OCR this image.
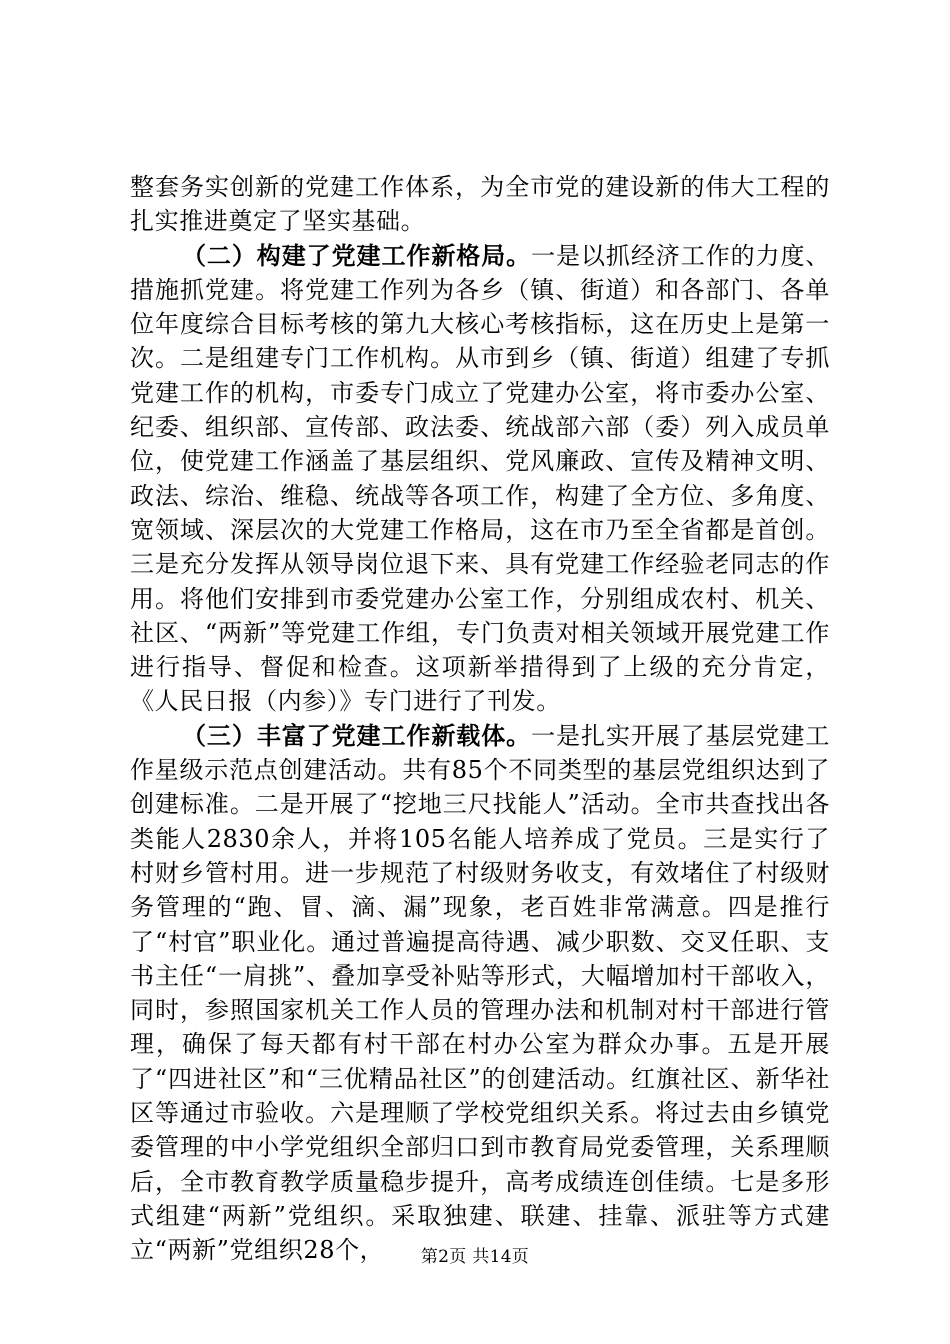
整套务实创新的党建工作体系，为全市党的建设新的伟大工程的扎实推进奠定了坚实基础。

（二）构建了党建工作新格局。一是以抓经济工作的力度、措施抓党建。将党建工作列为各乡（镇、街道）和各部门、各单位年度综合目标考核的第九大核心考核指标，这在历史上是第一次。二是组建专门工作机构。从市到乡（镇、街道）组建了专抓党建工作的机构，市委专门成立了党建办公室，将市委办公室、纪委、组织部、宣传部、政法委、统战部六部（委）列入成员单位，使党建工作涵盖了基层组织、党风廉政、宣传及精神文明、政法、综治、维稳、统战等各项工作，构建了全方位、多角度、宽领域、深层次的大党建工作格局，这在市乃至全省都是首创。三是充分发挥从领导岗位退下来、具有党建工作经验老同志的作用。将他们安排到市委党建办公室工作，分别组成农村、机关、社区、“两新”等党建工作组，专门负责对相关领域开展党建工作进行指导、督促和检查。这项新举措得到了上级的充分肯定，《人民日报（内参）》专门进行了刊发。

（三）丰富了党建工作新载体。一是扎实开展了基层党建工作星级示范点创建活动。共有85个不同类型的基层党组织达到了创建标准。二是开展了“挖地三尺找能人”活动。全市共查找出各类能人2830余人，并将105名能人培养成了党员。三是实行了村财乡管村用。进一步规范了村级财务收支，有效堵住了村级财务管理的“跑、冒、滴、漏”现象，老百姓非常满意。四是推行了“村官”职业化。通过普遍提高待遇、减少职数、交叉任职、支书主任“一肩挑”、叠加享受补贴等形式，大幅增加村干部收入，同时，参照国家机关工作人员的管理办法和机制对村干部进行管理，确保了每天都有村干部在村办公室为群众办事。五是开展了“四进社区”和“三优精品社区”的创建活动。红旗社区、新华社区等通过市验收。六是理顺了学校党组织关系。将过去由乡镇党委管理的中小学党组织全部归口到市教育局党委管理，关系理顺后，全市教育教学质量稳步提升，高考成绩连创佳绩。七是多形式组建“两新”党组织。采取独建、联建、挂靠、派驻等方式建立“两新”党组织28个，	第2页 共14页
